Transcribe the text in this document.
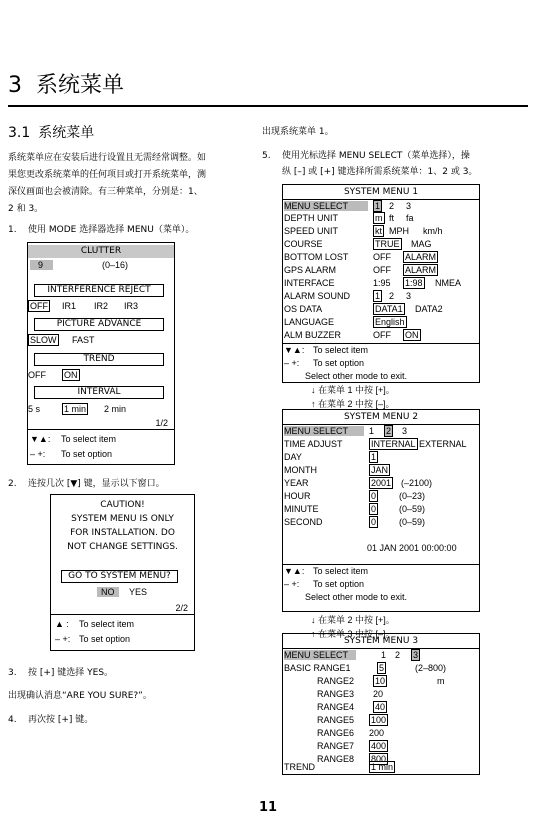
3 系统菜单
3.1 系统菜单
系统菜单应在安装后进行设置且无需经常调整。如
果您更改系统菜单的任何项目或打开系统菜单，测
深仪画面也会被清除。有三种菜单，分别是：1、
2 和 3。
1. 使用 MODE 选择器选择 MENU（菜单）。
CLUTTER
9	(0–16)
INTERFERENCE REJECT
OFF IR1 IR2 IR3
PICTURE ADVANCE
SLOW FAST
TREND
OFF ON
INTERVAL
5 s	1 min 2 min
1/2
▼▲: To select item
– +: To set option
2. 连按几次 [▼] 键，显示以下窗口。
CAUTION!
SYSTEM MENU IS ONLY
FOR INSTALLATION. DO
NOT CHANGE SETTINGS.
GO TO SYSTEM MENU?
NO	YES
2/2
▲ : To select item
– +: To set option
3. 按 [+] 键选择 YES。
出现确认消息“ARE YOU SURE?”。
4. 再次按 [+] 键。
出现系统菜单 1。
5. 使用光标选择 MENU SELECT（菜单选择），操
纵 [–] 或 [+] 键选择所需系统菜单：1、2 或 3。
SYSTEM MENU 1
MENU SELECT	1 2 3
DEPTH UNIT	m ft fa
SPEED UNIT	kt MPH km/h
COURSE	TRUE MAG
BOTTOM LOST	OFF ALARM
GPS ALARM	OFF ALARM
INTERFACE	1:95 1:98 NMEA
ALARM SOUND	1 2 3
OS DATA	DATA1 DATA2
LANGUAGE	English
ALM BUZZER	OFF ON
▼▲: To select item
– +: To set option
Select other mode to exit.
↓ 在菜单 1 中按 [+]。
↑ 在菜单 2 中按 [–]。
SYSTEM MENU 2
MENU SELECT	1 2 3
TIME ADJUST	INTERNAL EXTERNAL
DAY	1
MONTH	JAN
YEAR	2001 (–2100)
HOUR	0	(0–23)
MINUTE	0	(0–59)
SECOND	0	(0–59)
01 JAN 2001 00:00:00
▼▲: To select item
– +: To set option
Select other mode to exit.
↓ 在菜单 2 中按 [+]。
↑ 在菜单 3 中按 [–]。
SYSTEM MENU 3
MENU SELECT	1 2 3
BASIC RANGE1	5	(2–800)
RANGE2 10	m
RANGE3 20
RANGE4 40
RANGE5 100
RANGE6 200
RANGE7 400
RANGE8 800
TREND	1 min
11
